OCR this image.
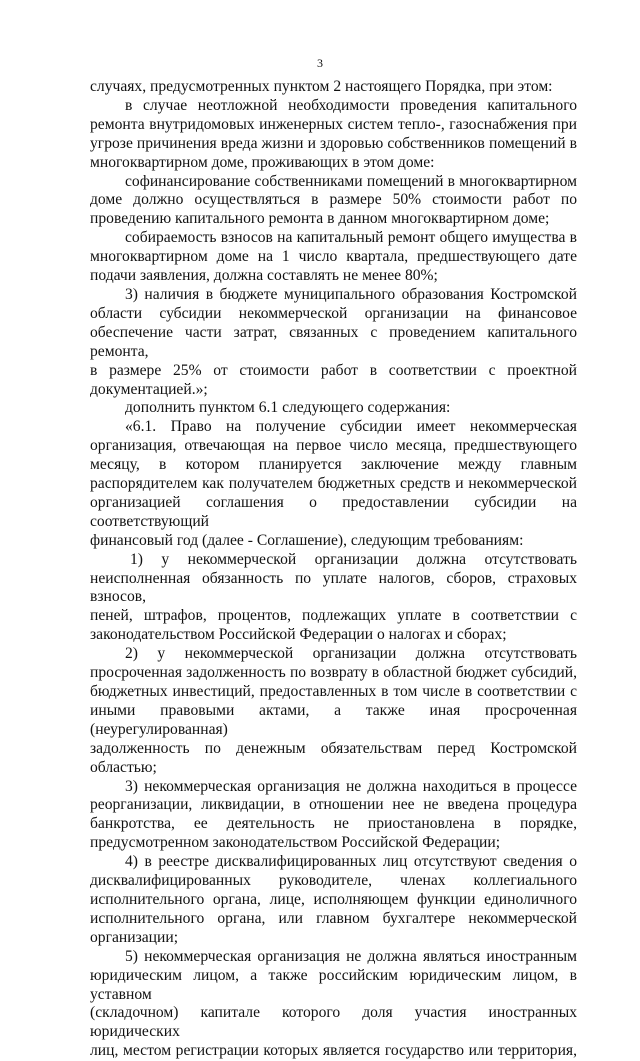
3

случаях, предусмотренных пунктом 2 настоящего Порядка, при этом:

в случае неотложной необходимости проведения капитального

ремонта внутридомовых инженерных систем тепло-, газоснабжения при

угрозе причинения вреда жизни и здоровью собственников помещений в

многоквартирном доме, проживающих в этом доме:

софинансирование собственниками помещений в многоквартирном

доме должно осуществляться в размере 50% стоимости работ по

проведению капитального ремонта в данном многоквартирном доме;

собираемость взносов на капитальный ремонт общего имущества в

многоквартирном доме на 1 число квартала, предшествующего дате

подачи заявления, должна составлять не менее 80%;

3) наличия в бюджете муниципального образования Костромской

области субсидии некоммерческой организации на финансовое

обеспечение части затрат, связанных с проведением капитального ремонта,

в размере 25% от стоимости работ в соответствии с проектной

документацией.»;

дополнить пунктом 6.1 следующего содержания:

«6.1. Право на получение субсидии имеет некоммерческая

организация, отвечающая на первое число месяца, предшествующего

месяцу, в котором планируется заключение между главным

распорядителем как получателем бюджетных средств и некоммерческой

организацией соглашения о предоставлении субсидии на соответствующий

финансовый год (далее - Соглашение), следующим требованиям:

1) у некоммерческой организации должна отсутствовать

неисполненная обязанность по уплате налогов, сборов, страховых взносов,

пеней, штрафов, процентов, подлежащих уплате в соответствии с

законодательством Российской Федерации о налогах и сборах;

2) у некоммерческой организации должна отсутствовать

просроченная задолженность по возврату в областной бюджет субсидий,

бюджетных инвестиций, предоставленных в том числе в соответствии с

иными правовыми актами, а также иная просроченная (неурегулированная)

задолженность по денежным обязательствам перед Костромской областью;

3) некоммерческая организация не должна находиться в процессе

реорганизации, ликвидации, в отношении нее не введена процедура

банкротства, ее деятельность не приостановлена в порядке,

предусмотренном законодательством Российской Федерации;

4) в реестре дисквалифицированных лиц отсутствуют сведения о

дисквалифицированных руководителе, членах коллегиального

исполнительного органа, лице, исполняющем функции единоличного

исполнительного органа, или главном бухгалтере некоммерческой

организации;

5) некоммерческая организация не должна являться иностранным

юридическим лицом, а также российским юридическим лицом, в уставном

(складочном) капитале которого доля участия иностранных юридических

лиц, местом регистрации которых является государство или территория,
